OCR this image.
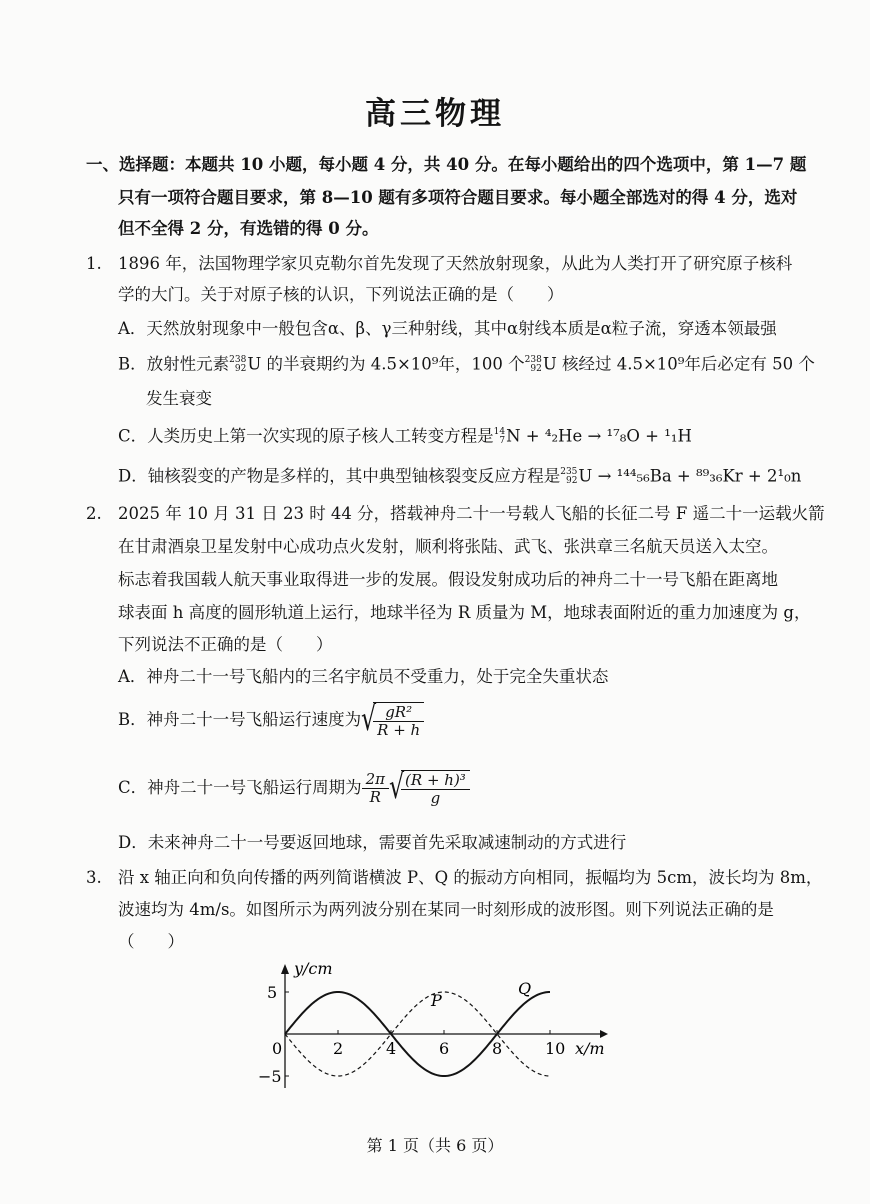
高三物理
一、选择题：本题共 10 小题，每小题 4 分，共 40 分。在每小题给出的四个选项中，第 1—7 题
只有一项符合题目要求，第 8—10 题有多项符合题目要求。每小题全部选对的得 4 分，选对
但不全得 2 分，有选错的得 0 分。
1. 1896 年，法国物理学家贝克勒尔首先发现了天然放射现象，从此为人类打开了研究原子核科
学的大门。关于对原子核的认识，下列说法正确的是（　　）
A．天然放射现象中一般包含α、β、γ三种射线，其中α射线本质是α粒子流，穿透本领最强
B．放射性元素 238
92 U 的半衰期约为 4.5×10⁹年，100 个 238
92 U 核经过 4.5×10⁹年后必定有 50 个
发生衰变
C．人类历史上第一次实现的原子核人工转变方程是 14
7 N + ⁴₂He → ¹⁷₈O + ¹₁H
D．铀核裂变的产物是多样的，其中典型铀核裂变反应方程是 235
92 U → ¹⁴⁴₅₆Ba + ⁸⁹₃₆Kr + 2¹₀n
2. 2025 年 10 月 31 日 23 时 44 分，搭载神舟二十一号载人飞船的长征二号 F 遥二十一运载火箭
在甘肃酒泉卫星发射中心成功点火发射，顺利将张陆、武飞、张洪章三名航天员送入太空。
标志着我国载人航天事业取得进一步的发展。假设发射成功后的神舟二十一号飞船在距离地
球表面 h 高度的圆形轨道上运行，地球半径为 R 质量为 M，地球表面附近的重力加速度为 g，
下列说法不正确的是（　　）
A．神舟二十一号飞船内的三名宇航员不受重力，处于完全失重状态
B．神舟二十一号飞船运行速度为 √
$\frac{\text{gR²}}{R + h}$
C．神舟二十一号飞船运行周期为 $\frac{2\pi}{R}$ √
$\frac{\text{(R + h)³}}{g}$
D．未来神舟二十一号要返回地球，需要首先采取减速制动的方式进行
3. 沿 x 轴正向和负向传播的两列简谐横波 P、Q 的振动方向相同，振幅均为 5cm，波长均为 8m，
波速均为 4m/s。如图所示为两列波分别在某同一时刻形成的波形图。则下列说法正确的是
（　　）
y/cm
x/m
0
P
Q
2	4	6	8	10
5
−5
第 1 页（共 6 页）
